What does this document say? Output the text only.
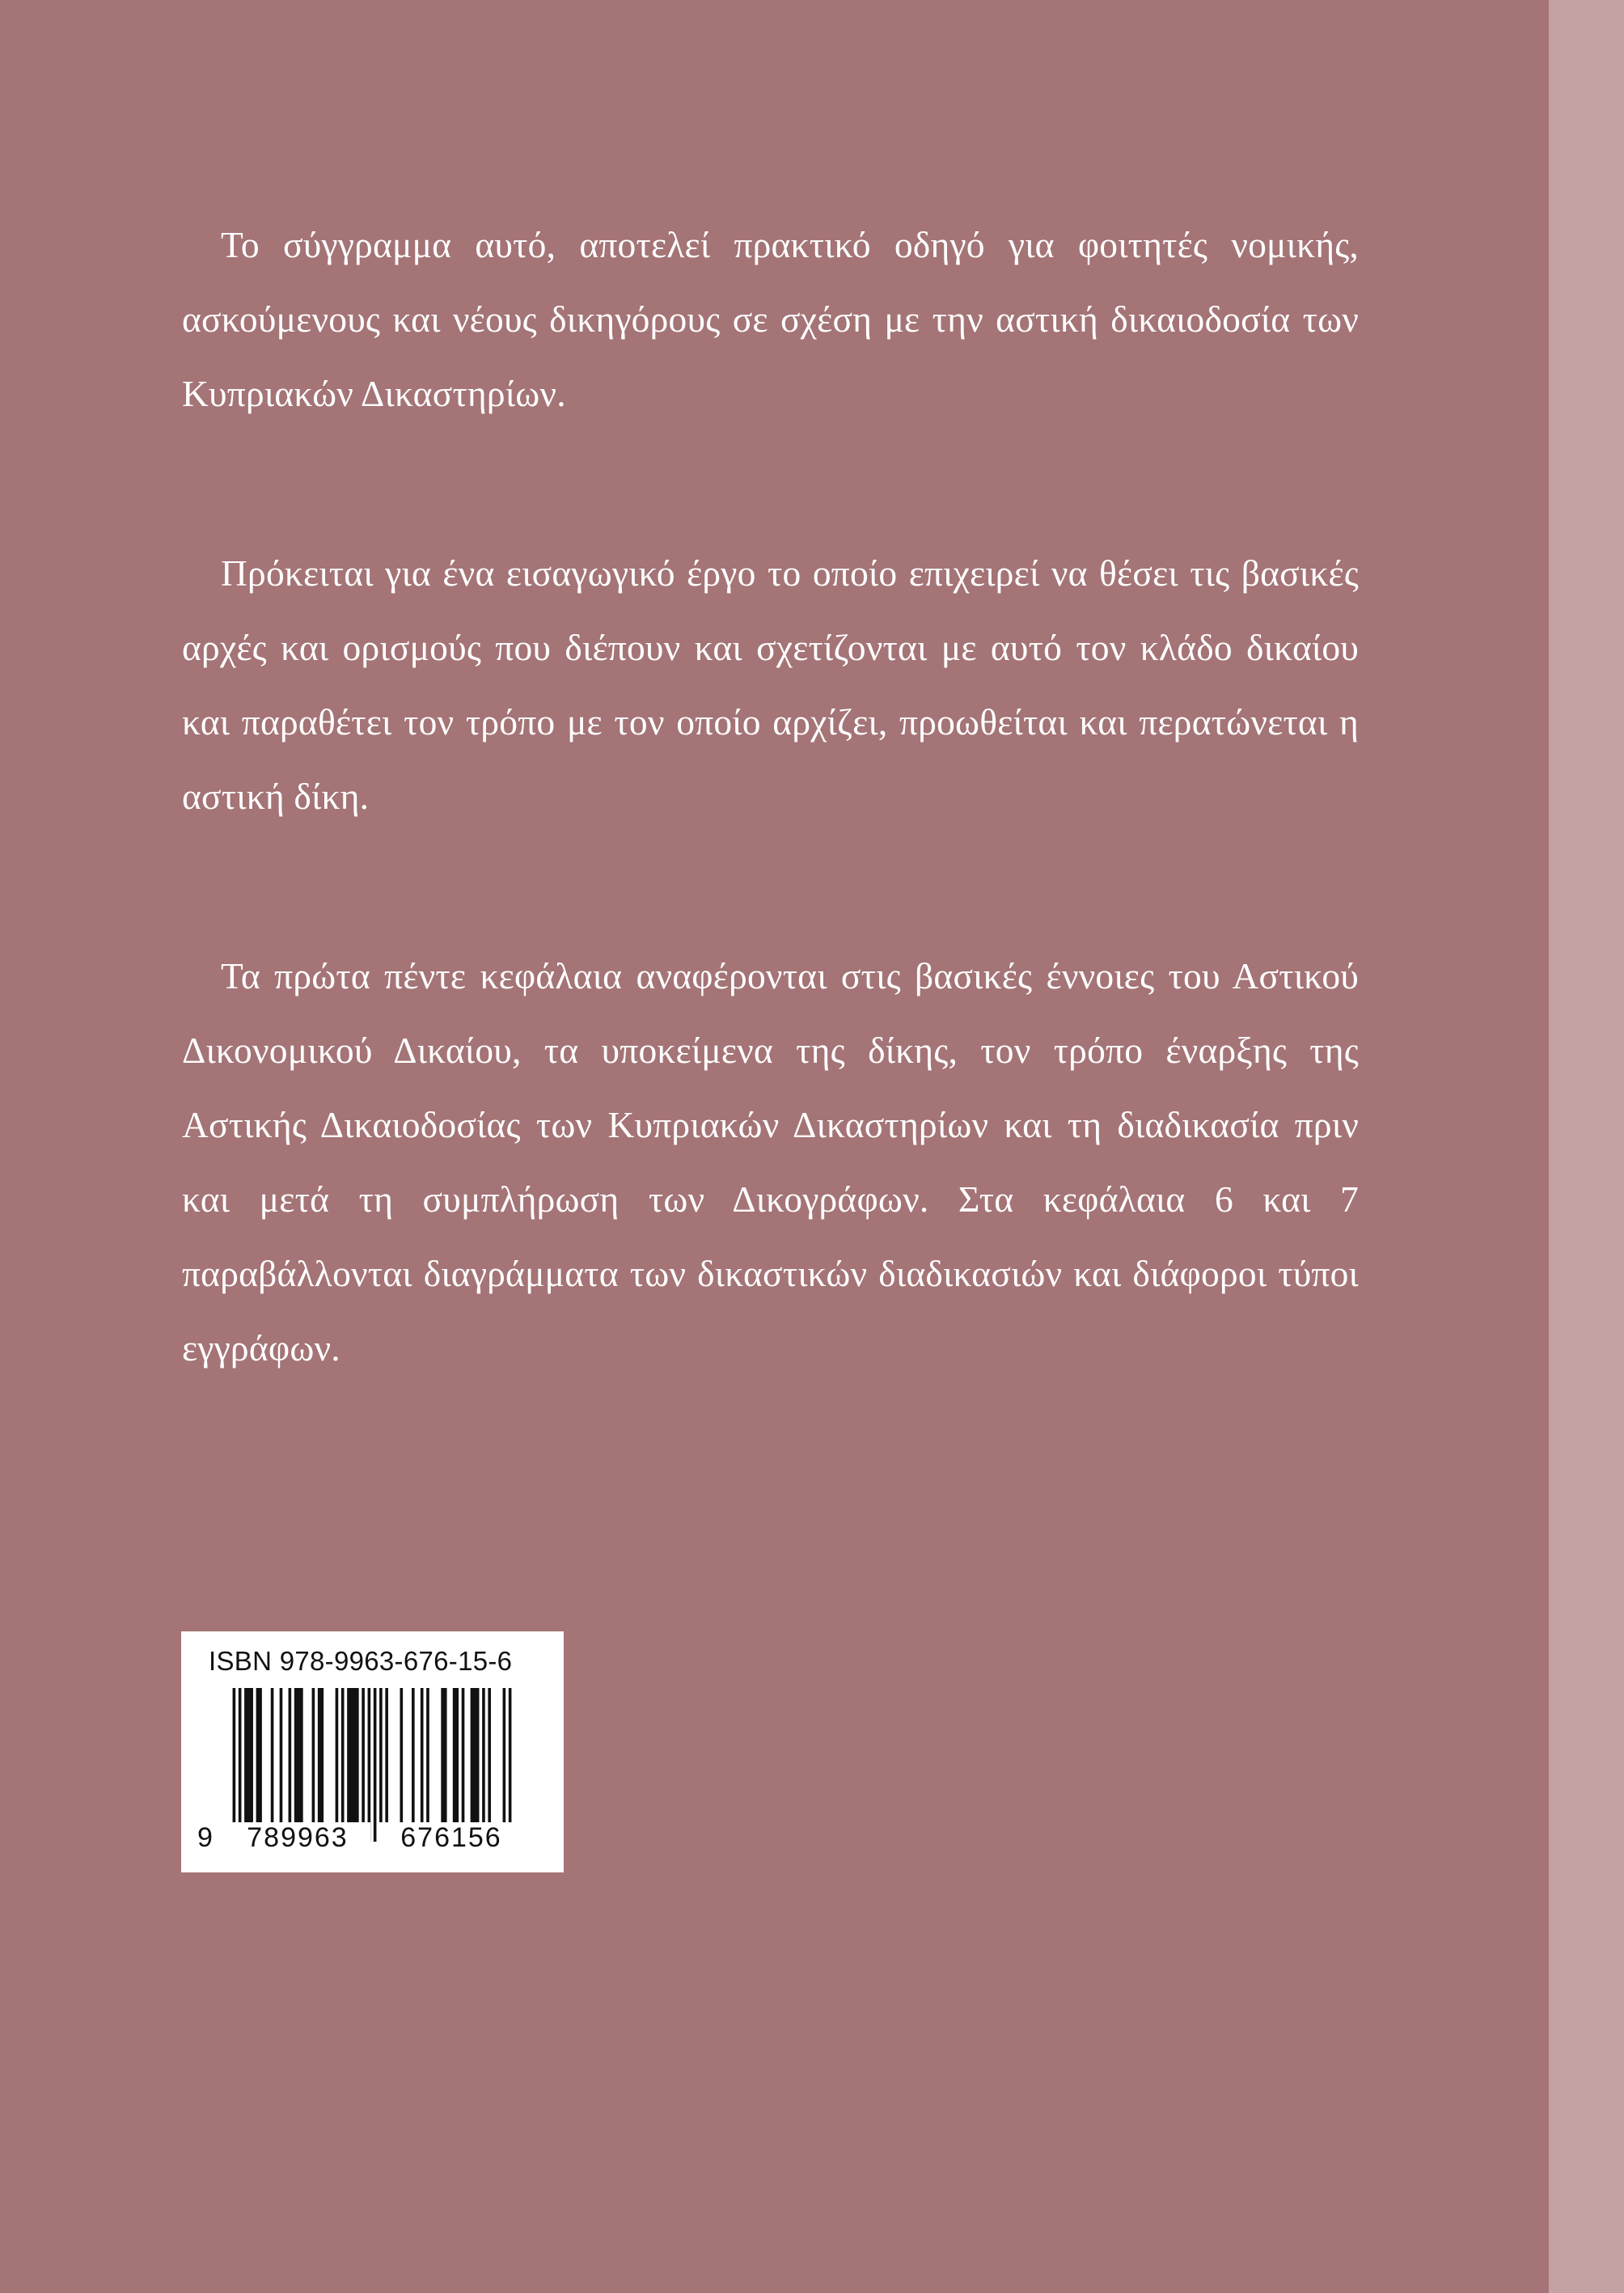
Το σύγγραμμα αυτό, αποτελεί πρακτικό οδηγό για φοιτητές νομικής, ασκούμενους και νέους δικηγόρους σε σχέση με την αστική δικαιοδοσία των Κυπριακών Δικαστηρίων.

Πρόκειται για ένα εισαγωγικό έργο το οποίο επιχειρεί να θέσει τις βασικές αρχές και ορισμούς που διέπουν και σχετίζονται με αυτό τον κλάδο δικαίου και παραθέτει τον τρόπο με τον οποίο αρχίζει, προωθείται και περατώνεται η αστική δίκη.

Τα πρώτα πέντε κεφάλαια αναφέρονται στις βασικές έννοιες του Αστικού Δικονομικού Δικαίου, τα υποκείμενα της δίκης, τον τρόπο έναρξης της Αστικής Δικαιοδοσίας των Κυπριακών Δικαστηρίων και τη διαδικασία πριν και μετά τη συμπλήρωση των Δικογράφων. Στα κεφάλαια 6 και 7 παραβάλλονται διαγράμματα των δικαστικών διαδικασιών και διάφοροι τύποι εγγράφων.

ISBN 978-9963-676-15-6
9	789963	676156
